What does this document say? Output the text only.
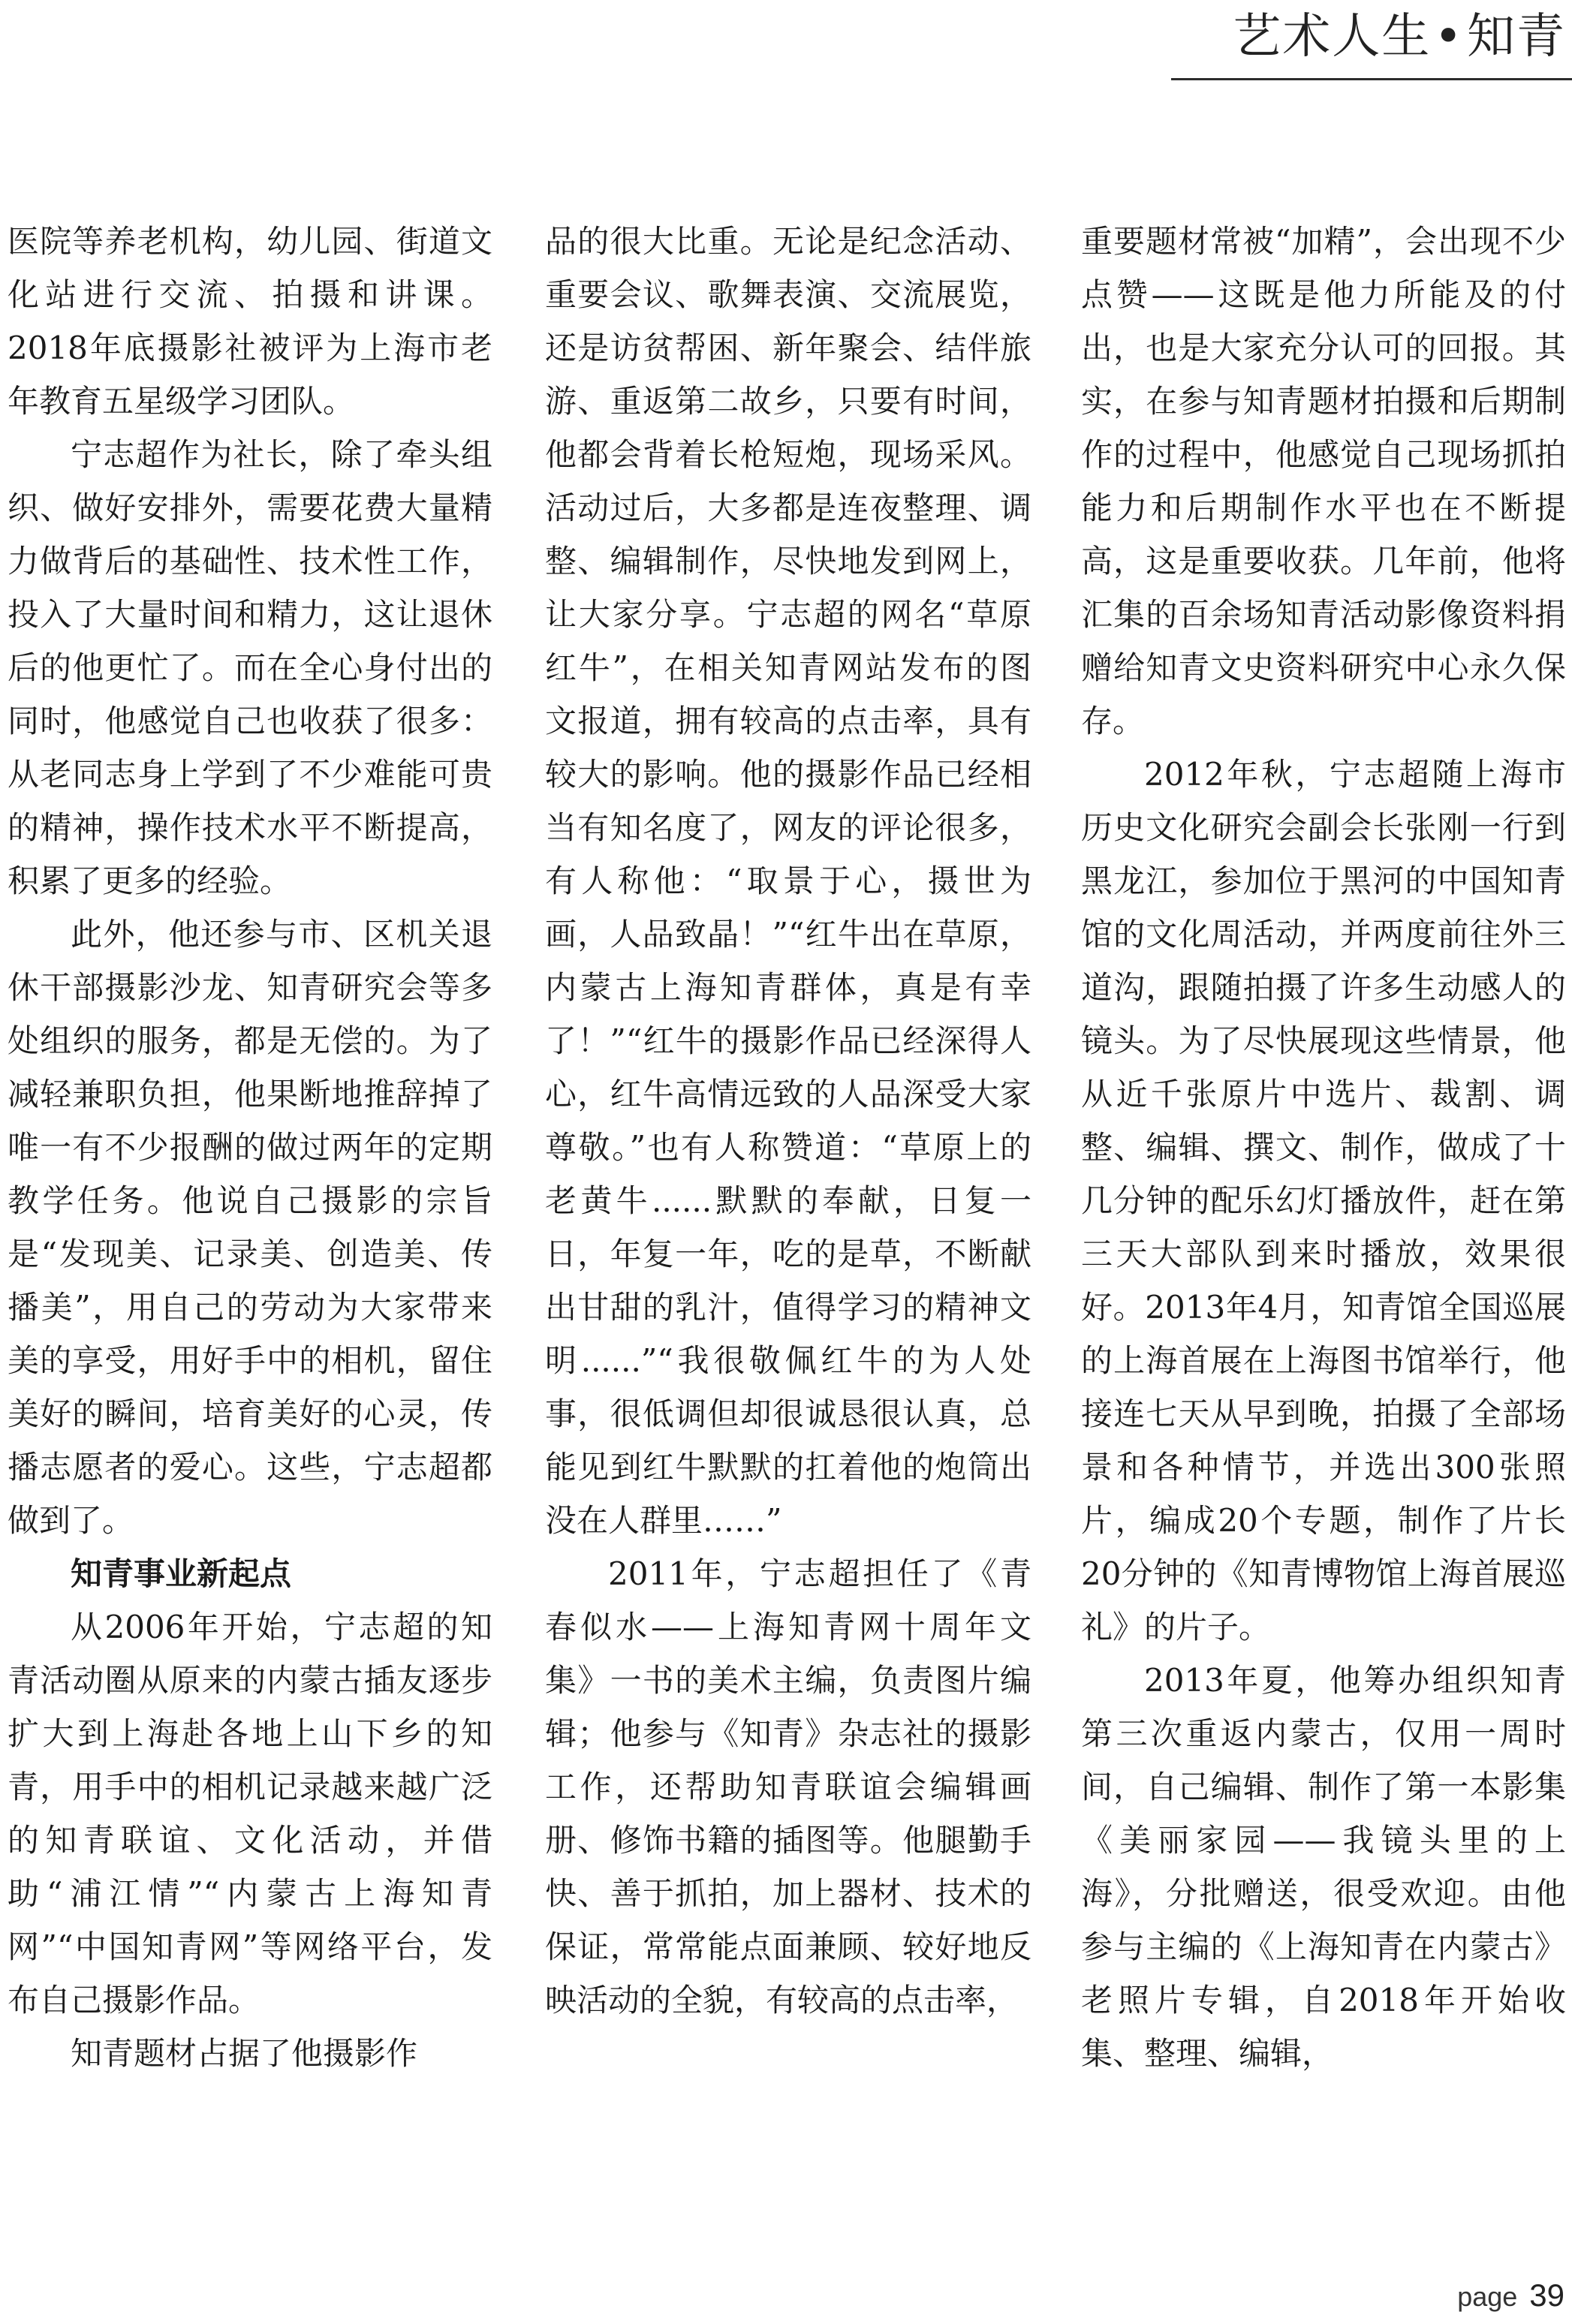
艺术人生•知青

医院等养老机构，幼儿园、街道文化站进行交流、拍摄和讲课。2018年底摄影社被评为上海市老年教育五星级学习团队。

宁志超作为社长，除了牵头组织、做好安排外，需要花费大量精力做背后的基础性、技术性工作，投入了大量时间和精力，这让退休后的他更忙了。而在全心身付出的同时，他感觉自己也收获了很多：从老同志身上学到了不少难能可贵的精神，操作技术水平不断提高，积累了更多的经验。

此外，他还参与市、区机关退休干部摄影沙龙、知青研究会等多处组织的服务，都是无偿的。为了减轻兼职负担，他果断地推辞掉了唯一有不少报酬的做过两年的定期教学任务。他说自己摄影的宗旨是“发现美、记录美、创造美、传播美”，用自己的劳动为大家带来美的享受，用好手中的相机，留住美好的瞬间，培育美好的心灵，传播志愿者的爱心。这些，宁志超都做到了。

知青事业新起点

从2006年开始，宁志超的知青活动圈从原来的内蒙古插友逐步扩大到上海赴各地上山下乡的知青，用手中的相机记录越来越广泛的知青联谊、文化活动，并借助“浦江情”“内蒙古上海知青网”“中国知青网”等网络平台，发布自己摄影作品。

知青题材占据了他摄影作

品的很大比重。无论是纪念活动、重要会议、歌舞表演、交流展览，还是访贫帮困、新年聚会、结伴旅游、重返第二故乡，只要有时间，他都会背着长枪短炮，现场采风。活动过后，大多都是连夜整理、调整、编辑制作，尽快地发到网上，让大家分享。宁志超的网名“草原红牛”，在相关知青网站发布的图文报道，拥有较高的点击率，具有较大的影响。他的摄影作品已经相当有知名度了，网友的评论很多，有人称他：“取景于心，摄世为画，人品致晶！”“红牛出在草原，内蒙古上海知青群体，真是有幸了！”“红牛的摄影作品已经深得人心，红牛高情远致的人品深受大家尊敬。”也有人称赞道：“草原上的老黄牛......默默的奉献，日复一日，年复一年，吃的是草，不断献出甘甜的乳汁，值得学习的精神文明......”“我很敬佩红牛的为人处事，很低调但却很诚恳很认真，总能见到红牛默默的扛着他的炮筒出没在人群里……”

2011年，宁志超担任了《青春似水——上海知青网十周年文集》一书的美术主编，负责图片编辑；他参与《知青》杂志社的摄影工作，还帮助知青联谊会编辑画册、修饰书籍的插图等。他腿勤手快、善于抓拍，加上器材、技术的保证，常常能点面兼顾、较好地反映活动的全貌，有较高的点击率，

重要题材常被“加精”，会出现不少点赞——这既是他力所能及的付出，也是大家充分认可的回报。其实，在参与知青题材拍摄和后期制作的过程中，他感觉自己现场抓拍能力和后期制作水平也在不断提高，这是重要收获。几年前，他将汇集的百余场知青活动影像资料捐赠给知青文史资料研究中心永久保存。

2012年秋，宁志超随上海市历史文化研究会副会长张刚一行到黑龙江，参加位于黑河的中国知青馆的文化周活动，并两度前往外三道沟，跟随拍摄了许多生动感人的镜头。为了尽快展现这些情景，他从近千张原片中选片、裁割、调整、编辑、撰文、制作，做成了十几分钟的配乐幻灯播放件，赶在第三天大部队到来时播放，效果很好。2013年4月，知青馆全国巡展的上海首展在上海图书馆举行，他接连七天从早到晚，拍摄了全部场景和各种情节，并选出300张照片，编成20个专题，制作了片长20分钟的《知青博物馆上海首展巡礼》的片子。

2013年夏，他筹办组织知青第三次重返内蒙古，仅用一周时间，自己编辑、制作了第一本影集《美丽家园——我镜头里的上海》，分批赠送，很受欢迎。由他参与主编的《上海知青在内蒙古》老照片专辑，自2018年开始收集、整理、编辑，

page 39
